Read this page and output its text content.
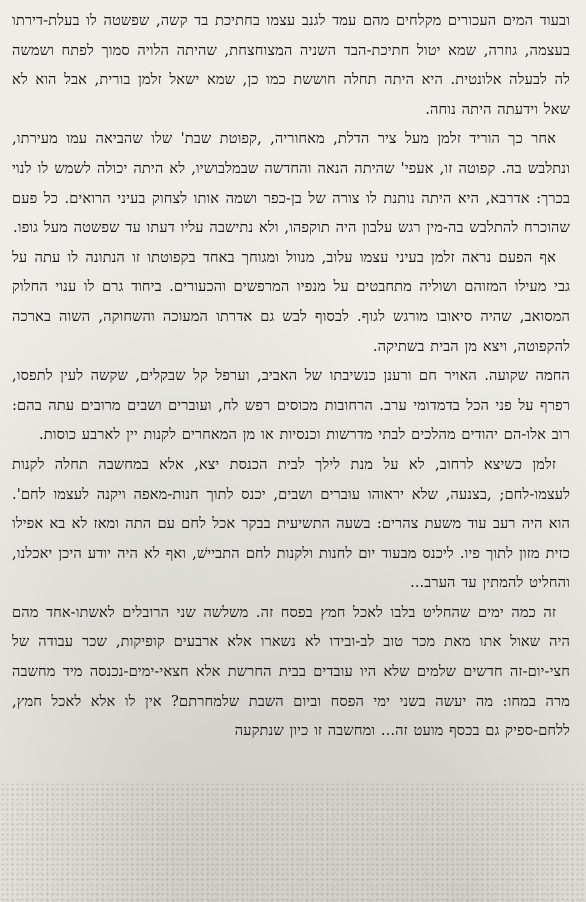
ובעוד המים העכורים מקלחים מהם עמד לגנב עצמו בחתיכת בד קשה, שפשטה לו בעלת-דירתו בעצמה, גוזרה, שמא יטול חתיכת-הבד השניה המצוחצחת, שהיתה הלויה סמוך לפתח ושמשה לה לבעלה אלונטית. היא היתה תחלה חוששת כמו כן, שמא ישאל זלמן בורית, אבל הוא לא שאל וידעתה היתה נוחה.

אחר כך הוריד זלמן מעל ציר הדלת, מאחוריה, ,קפוטת שבת' שלו שהביאה עמו מעירתו, ונתלבש בה. קפוטה זו, אעפי' שהיתה הנאה והחדשה שבמלבושיו, לא היתה יכולה לשמש לו לנוי בכרך: אדרבא, היא היתה נותנת לו צורה של בן-כפר ושמה אותו לצחוק בעיני הרואים. כל פעם שהוכרח להתלבש בה-מין רגש עלבון היה תוקפהו, ולא נתישבה עליו דעתו עד שפשטה מעל גופו.

אף הפעם נראה זלמן בעיני עצמו עלוב, מנוול ומגוחך באחד בקפוטתו זו הנתונה לו עתה על גבי מעילו המזוהם ושוליה מתחבטים על מנפיו המרפשים והכעורים. ביחוד גרם לו ענוי החלוק המסואב, שהיה סיאובו מורגש לגוף. לבסוף לבש גם אדרתו המעוכה והשחוקה, השוה בארכה להקפוטה, ויצא מן הבית בשתיקה.

החמה שקועה. האויר חם ורענן כנשיבתו של האביב, וערפל קל שבקלים, שקשה לעין לתפסו, רפרף על פני הכל בדמדומי ערב. הרחובות מכוסים רפש לח, ועוברים ושבים מרובים עתה בהם: רוב אלו-הם יהודים מהלכים לבתי מדרשות וכנסיות או מן המאחרים לקנות יין לארבע כוסות.

זלמן כשיצא לרחוב, לא על מנת לילך לבית הכנסת יצא, אלא במחשבה תחלה לקנות לעצמו-לחם; ,בצנעה, שלא יראוהו עוברים ושבים, יכנס לתוך חנות-מאפה ויקנה לעצמו לחם'. הוא היה רעב עוד משעת צהרים: בשעה התשיעית בבקר אכל לחם עם התה ומאז לא בא אפילו כזית מזון לתוך פיו. ליכנס מבעוד יום לחנות ולקנות לחם התביישׁ, ואף לא היה יודע היכן יאכלנו, והחליט להמתין עד הערב...

זה כמה ימים שהחליט בלבו לאכל חמץ בפסח זה. משלשה שני הרובלים לאשתו-אחד מהם היה שאול אתו מאת מכר טוב לב-ובידו לא נשארו אלא ארבעים קופיקות, שכר עבודה של חצי-יום-זה חדשים שלמים שלא היו עובדים בבית החרשת אלא חצאי-ימים-נכנסה מיד מחשבה מרה במחו: מה יעשה בשני ימי הפסח וביום השבת שלמחרתם? אין לו אלא לאכל חמץ, ללחם-ספיק גם בכסף מועט זה... ומחשבה זו כיון שנתקעה
